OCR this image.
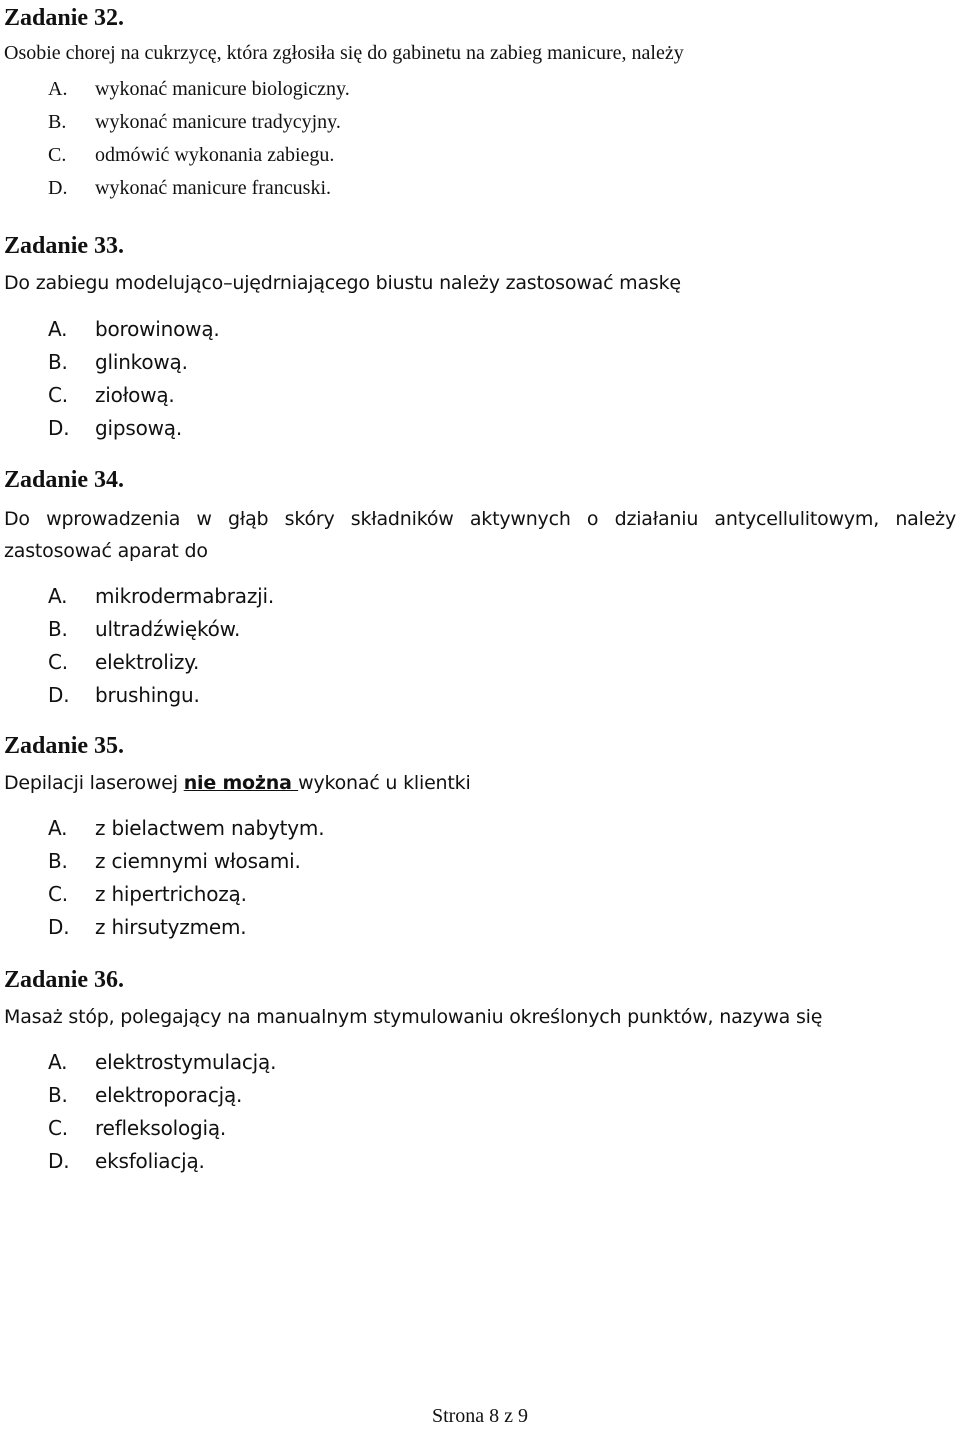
Zadanie 32.

Osobie chorej na cukrzycę, która zgłosiła się do gabinetu na zabieg manicure, należy

A.	wykonać manicure biologiczny.
B.	wykonać manicure tradycyjny.
C.	odmówić wykonania zabiegu.
D.	wykonać manicure francuski.
Zadanie 33.

Do zabiegu modelująco–ujędrniającego biustu należy zastosować maskę

A.	borowinową.
B.	glinkową.
C.	ziołową.
D.	gipsową.
Zadanie 34.

Do wprowadzenia w głąb skóry składników aktywnych o działaniu antycellulitowym, należy zastosować aparat do

A.	mikrodermabrazji.
B.	ultradźwięków.
C.	elektrolizy.
D.	brushingu.
Zadanie 35.

Depilacji laserowej nie można wykonać u klientki

A.	z bielactwem nabytym.
B.	z ciemnymi włosami.
C.	z hipertrichozą.
D.	z hirsutyzmem.
Zadanie 36.

Masaż stóp, polegający na manualnym stymulowaniu określonych punktów, nazywa się

A.	elektrostymulacją.
B.	elektroporacją.
C.	refleksologią.
D.	eksfoliacją.
Strona 8 z 9
